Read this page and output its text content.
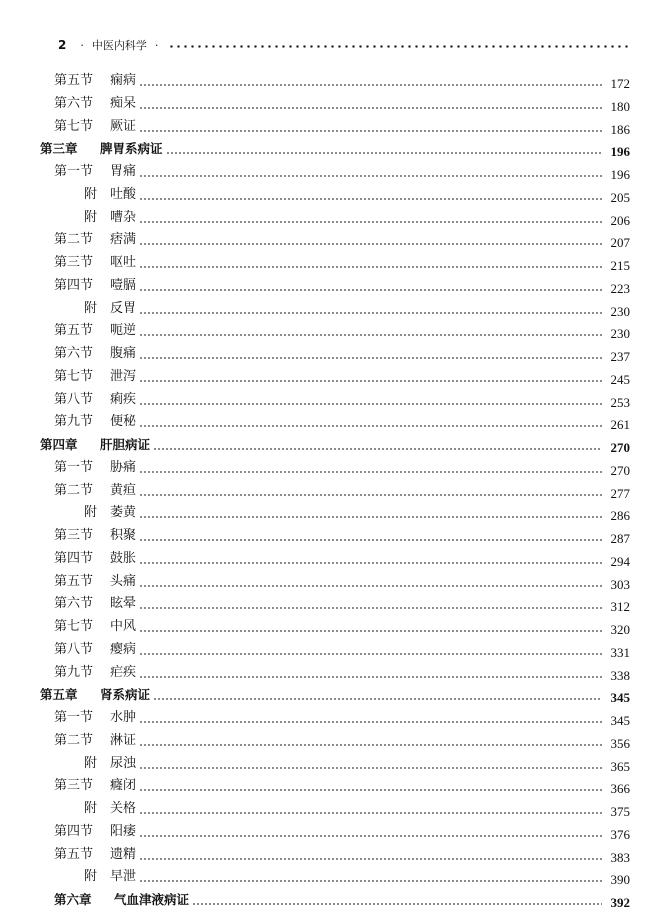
2 · 中医内科学 ·
第五节 痫病	172
第六节 痴呆	180
第七节 厥证	186
第三章 脾胃系病证	196
第一节 胃痛	196
附 吐酸	205
附 嘈杂	206
第二节 痞满	207
第三节 呕吐	215
第四节 噎膈	223
附 反胃	230
第五节 呃逆	230
第六节 腹痛	237
第七节 泄泻	245
第八节 痢疾	253
第九节 便秘	261
第四章 肝胆病证	270
第一节 胁痛	270
第二节 黄疸	277
附 萎黄	286
第三节 积聚	287
第四节 鼓胀	294
第五节 头痛	303
第六节 眩晕	312
第七节 中风	320
第八节 瘿病	331
第九节 疟疾	338
第五章 肾系病证	345
第一节 水肿	345
第二节 淋证	356
附 尿浊	365
第三节 癃闭	366
附 关格	375
第四节 阳痿	376
第五节 遗精	383
附 早泄	390
第六章 气血津液病证	392
